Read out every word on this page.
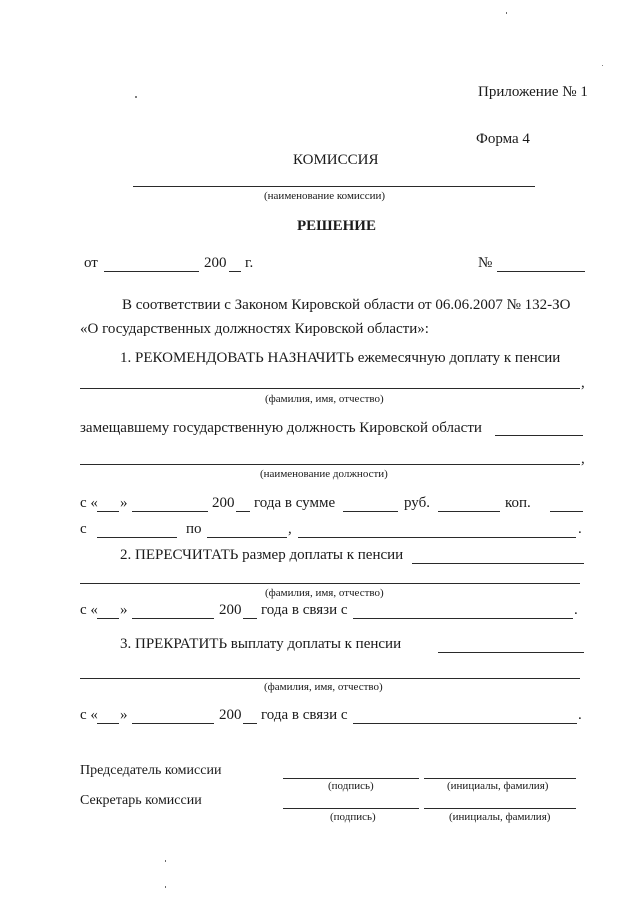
Приложение № 1
Форма 4
КОМИССИЯ
(наименование комиссии)
РЕШЕНИЕ
от	200 г.	№
В соответствии с Законом Кировской области от 06.06.2007 № 132-ЗО
«О государственных должностях Кировской области»:
1. РЕКОМЕНДОВАТЬ НАЗНАЧИТЬ ежемесячную доплату к пенсии
,
(фамилия, имя, отчество)
замещавшему государственную должность Кировской области
,
(наименование должности)
с « »	200 года в сумме	руб.	коп.
с	по	,	.
2. ПЕРЕСЧИТАТЬ размер доплаты к пенсии
(фамилия, имя, отчество)
с « »	200 года в связи с	.
3. ПРЕКРАТИТЬ выплату доплаты к пенсии
(фамилия, имя, отчество)
с « »	200 года в связи с	.
Председатель комиссии
(подпись)	(инициалы, фамилия)
Секретарь комиссии
(подпись)	(инициалы, фамилия)
